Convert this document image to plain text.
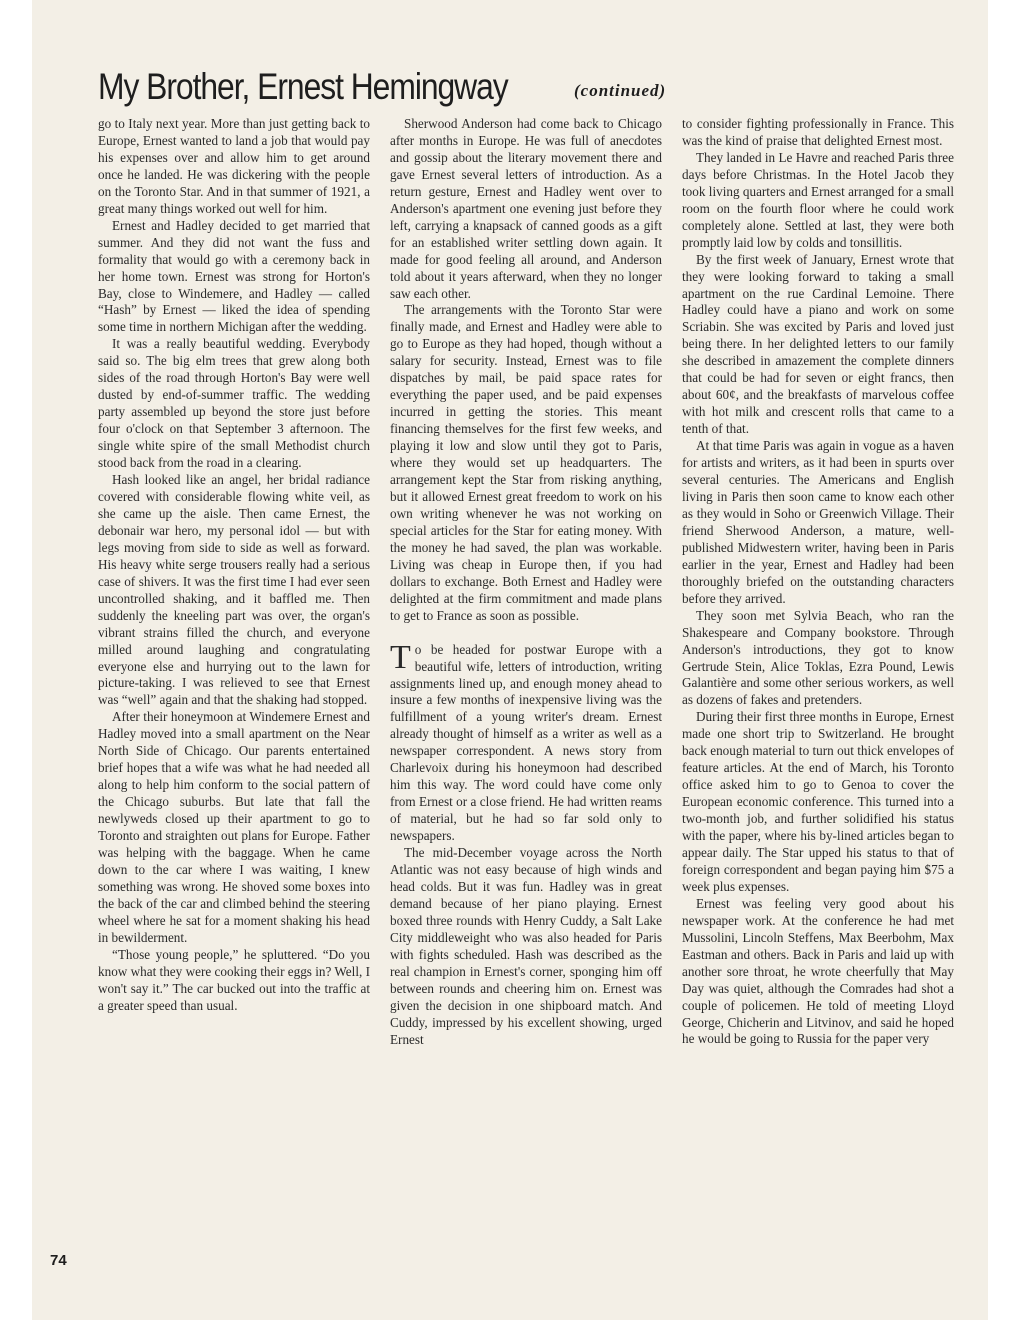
My Brother, Ernest Hemingway	(continued)

go to Italy next year. More than just getting back to Europe, Ernest wanted to land a job that would pay his expenses over and allow him to get around once he landed. He was dickering with the people on the Toronto Star. And in that summer of 1921, a great many things worked out well for him.

Ernest and Hadley decided to get married that summer. And they did not want the fuss and formality that would go with a ceremony back in her home town. Ernest was strong for Horton's Bay, close to Windemere, and Hadley — called “Hash” by Ernest — liked the idea of spending some time in northern Michigan after the wedding.

It was a really beautiful wedding. Everybody said so. The big elm trees that grew along both sides of the road through Horton's Bay were well dusted by end-of-summer traffic. The wedding party assembled up beyond the store just before four o'clock on that September 3 afternoon. The single white spire of the small Methodist church stood back from the road in a clearing.

Hash looked like an angel, her bridal radiance covered with considerable flowing white veil, as she came up the aisle. Then came Ernest, the debonair war hero, my personal idol — but with legs moving from side to side as well as forward. His heavy white serge trousers really had a serious case of shivers. It was the first time I had ever seen uncontrolled shaking, and it baffled me. Then suddenly the kneeling part was over, the organ's vibrant strains filled the church, and everyone milled around laughing and congratulating everyone else and hurrying out to the lawn for picture-taking. I was relieved to see that Ernest was “well” again and that the shaking had stopped.

After their honeymoon at Windemere Ernest and Hadley moved into a small apartment on the Near North Side of Chicago. Our parents entertained brief hopes that a wife was what he had needed all along to help him conform to the social pattern of the Chicago suburbs. But late that fall the newlyweds closed up their apartment to go to Toronto and straighten out plans for Europe. Father was helping with the baggage. When he came down to the car where I was waiting, I knew something was wrong. He shoved some boxes into the back of the car and climbed behind the steering wheel where he sat for a moment shaking his head in bewilderment.

“Those young people,” he spluttered. “Do you know what they were cooking their eggs in? Well, I won't say it.” The car bucked out into the traffic at a greater speed than usual.

Sherwood Anderson had come back to Chicago after months in Europe. He was full of anecdotes and gossip about the literary movement there and gave Ernest several letters of introduction. As a return gesture, Ernest and Hadley went over to Anderson's apartment one evening just before they left, carrying a knapsack of canned goods as a gift for an established writer settling down again. It made for good feeling all around, and Anderson told about it years afterward, when they no longer saw each other.

The arrangements with the Toronto Star were finally made, and Ernest and Hadley were able to go to Europe as they had hoped, though without a salary for security. Instead, Ernest was to file dispatches by mail, be paid space rates for everything the paper used, and be paid expenses incurred in getting the stories. This meant financing themselves for the first few weeks, and playing it low and slow until they got to Paris, where they would set up headquarters. The arrangement kept the Star from risking anything, but it allowed Ernest great freedom to work on his own writing whenever he was not working on special articles for the Star for eating money. With the money he had saved, the plan was workable. Living was cheap in Europe then, if you had dollars to exchange. Both Ernest and Hadley were delighted at the firm commitment and made plans to get to France as soon as possible.

To be headed for postwar Europe with a beautiful wife, letters of introduction, writing assignments lined up, and enough money ahead to insure a few months of inexpensive living was the fulfillment of a young writer's dream. Ernest already thought of himself as a writer as well as a newspaper correspondent. A news story from Charlevoix during his honeymoon had described him this way. The word could have come only from Ernest or a close friend. He had written reams of material, but he had so far sold only to newspapers.

The mid-December voyage across the North Atlantic was not easy because of high winds and head colds. But it was fun. Hadley was in great demand because of her piano playing. Ernest boxed three rounds with Henry Cuddy, a Salt Lake City middleweight who was also headed for Paris with fights scheduled. Hash was described as the real champion in Ernest's corner, sponging him off between rounds and cheering him on. Ernest was given the decision in one shipboard match. And Cuddy, impressed by his excellent showing, urged Ernest

to consider fighting professionally in France. This was the kind of praise that delighted Ernest most.

They landed in Le Havre and reached Paris three days before Christmas. In the Hotel Jacob they took living quarters and Ernest arranged for a small room on the fourth floor where he could work completely alone. Settled at last, they were both promptly laid low by colds and tonsillitis.

By the first week of January, Ernest wrote that they were looking forward to taking a small apartment on the rue Cardinal Lemoine. There Hadley could have a piano and work on some Scriabin. She was excited by Paris and loved just being there. In her delighted letters to our family she described in amazement the complete dinners that could be had for seven or eight francs, then about 60¢, and the breakfasts of marvelous coffee with hot milk and crescent rolls that came to a tenth of that.

At that time Paris was again in vogue as a haven for artists and writers, as it had been in spurts over several centuries. The Americans and English living in Paris then soon came to know each other as they would in Soho or Greenwich Village. Their friend Sherwood Anderson, a mature, well-published Midwestern writer, having been in Paris earlier in the year, Ernest and Hadley had been thoroughly briefed on the outstanding characters before they arrived.

They soon met Sylvia Beach, who ran the Shakespeare and Company bookstore. Through Anderson's introductions, they got to know Gertrude Stein, Alice Toklas, Ezra Pound, Lewis Galantière and some other serious workers, as well as dozens of fakes and pretenders.

During their first three months in Europe, Ernest made one short trip to Switzerland. He brought back enough material to turn out thick envelopes of feature articles. At the end of March, his Toronto office asked him to go to Genoa to cover the European economic conference. This turned into a two-month job, and further solidified his status with the paper, where his by-lined articles began to appear daily. The Star upped his status to that of foreign correspondent and began paying him $75 a week plus expenses.

Ernest was feeling very good about his newspaper work. At the conference he had met Mussolini, Lincoln Steffens, Max Beerbohm, Max Eastman and others. Back in Paris and laid up with another sore throat, he wrote cheerfully that May Day was quiet, although the Comrades had shot a couple of policemen. He told of meeting Lloyd George, Chicherin and Litvinov, and said he hoped he would be going to Russia for the paper very

74
